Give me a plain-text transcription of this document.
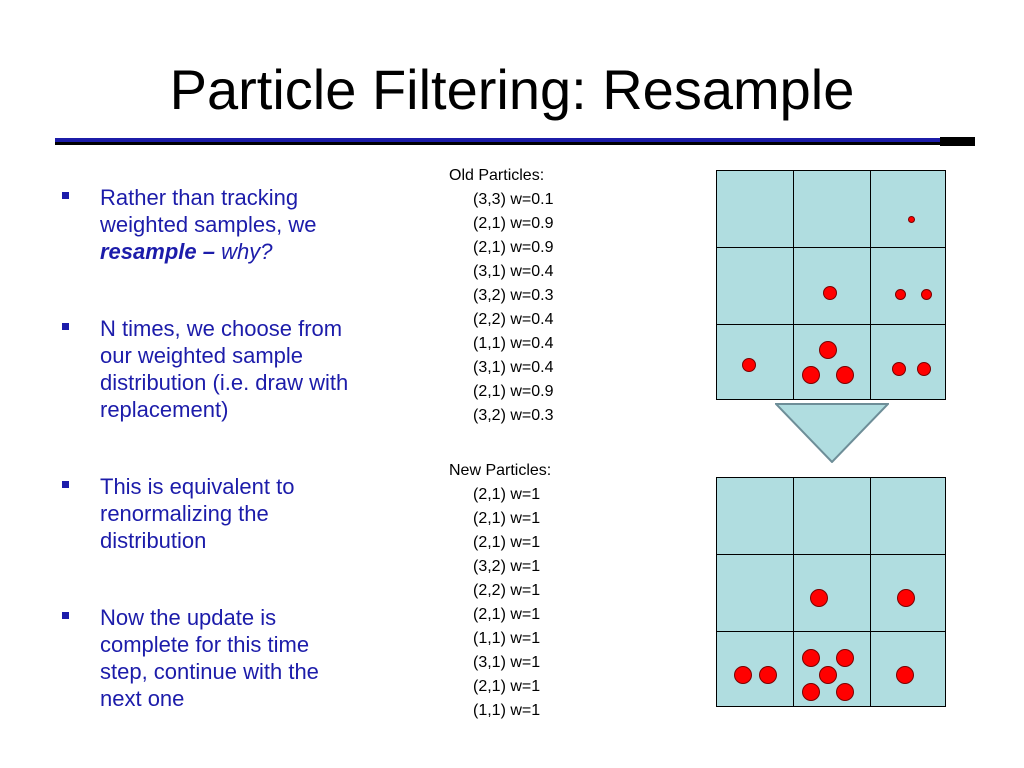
Particle Filtering: Resample
Rather than tracking weighted samples, we resample – why?
N times, we choose from our weighted sample distribution (i.e. draw with replacement)
This is equivalent to renormalizing the distribution
Now the update is complete for this time step, continue with the next one
Old Particles:
(3,3) w=0.1
(2,1) w=0.9
(2,1) w=0.9
(3,1) w=0.4
(3,2) w=0.3
(2,2) w=0.4
(1,1) w=0.4
(3,1) w=0.4
(2,1) w=0.9
(3,2) w=0.3
New Particles:
(2,1) w=1
(2,1) w=1
(2,1) w=1
(3,2) w=1
(2,2) w=1
(2,1) w=1
(1,1) w=1
(3,1) w=1
(2,1) w=1
(1,1) w=1
